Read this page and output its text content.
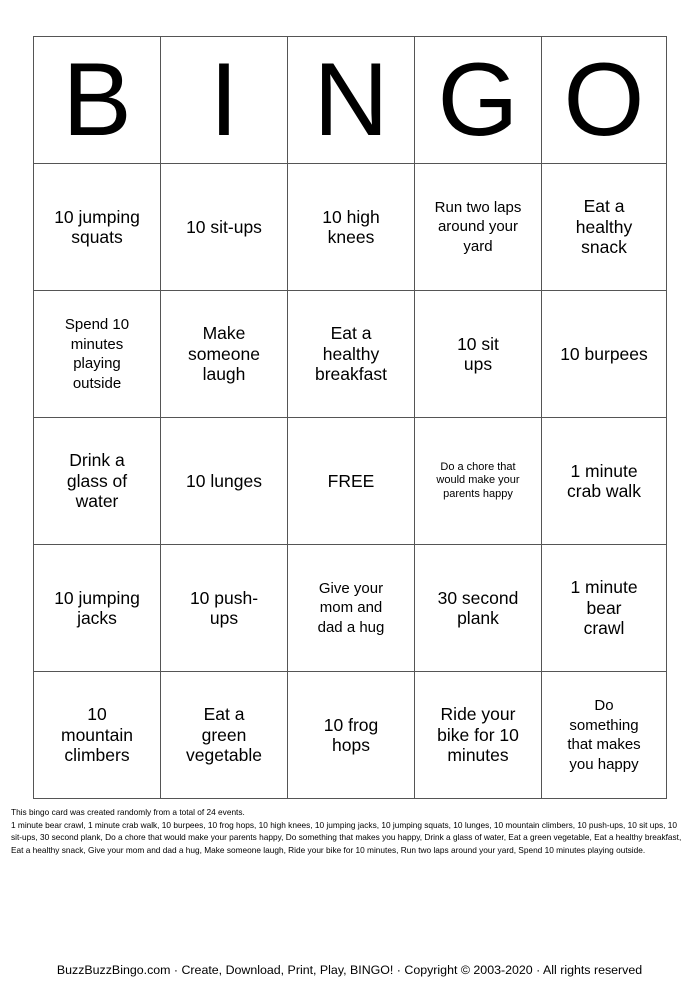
B	I	N	G	O

10 jumping squats	10 sit-ups	10 high knees	Run two laps around your yard	Eat a healthy snack

Spend 10 minutes playing outside	Make someone laugh	Eat a healthy breakfast	10 sit ups	10 burpees

Drink a glass of water	10 lunges	FREE	Do a chore that would make your parents happy	1 minute crab walk

10 jumping jacks	10 push-ups	Give your mom and dad a hug	30 second plank	1 minute bear crawl

10 mountain climbers	Eat a green vegetable	10 frog hops	Ride your bike for 10 minutes	Do something that makes you happy

This bingo card was created randomly from a total of 24 events.

1 minute bear crawl, 1 minute crab walk, 10 burpees, 10 frog hops, 10 high knees, 10 jumping jacks, 10 jumping squats, 10 lunges, 10 mountain climbers, 10 push-ups, 10 sit ups, 10 sit-ups, 30 second plank, Do a chore that would make your parents happy, Do something that makes you happy, Drink a glass of water, Eat a green vegetable, Eat a healthy breakfast, Eat a healthy snack, Give your mom and dad a hug, Make someone laugh, Ride your bike for 10 minutes, Run two laps around your yard, Spend 10 minutes playing outside.

BuzzBuzzBingo.com · Create, Download, Print, Play, BINGO! · Copyright © 2003-2020 · All rights reserved
